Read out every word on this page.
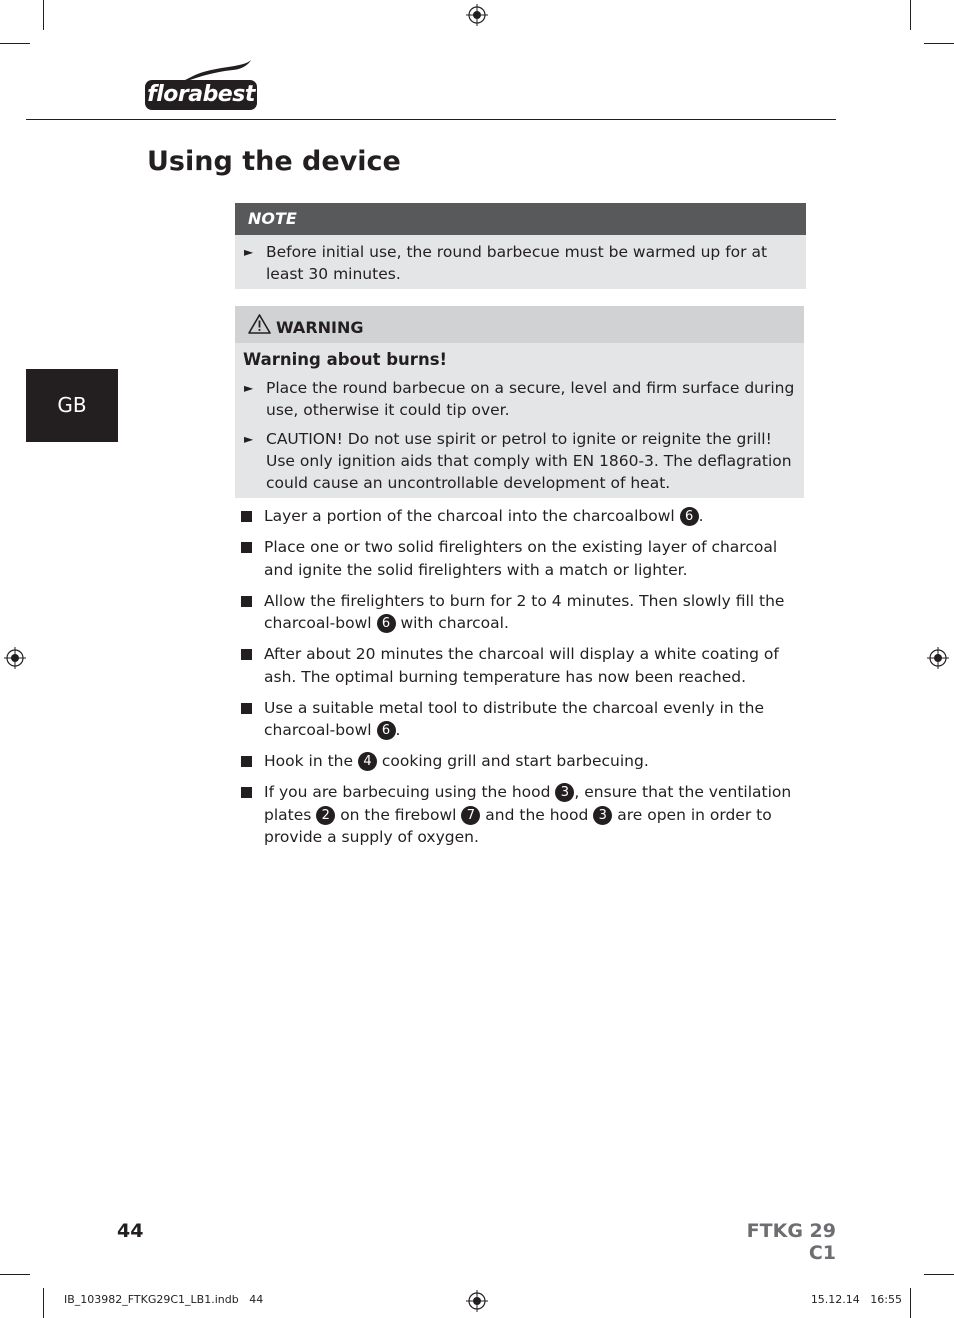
florabest
Using the device
GB
NOTE
► Before initial use, the round barbecue must be warmed up for at least 30 minutes.
WARNING
Warning about burns!
► Place the round barbecue on a secure, level and firm surface during use, otherwise it could tip over.
► CAUTION! Do not use spirit or petrol to ignite or reignite the grill! Use only ignition aids that comply with EN 1860-3. The deflagration could cause an uncontrollable development of heat.
Layer a portion of the charcoal into the charcoalbowl 6 .
Place one or two solid firelighters on the existing layer of charcoal and ignite the solid firelighters with a match or lighter.
Allow the firelighters to burn for 2 to 4 minutes. Then slowly fill the charcoal-bowl 6 with charcoal.
After about 20 minutes the charcoal will display a white coating of ash. The optimal burning temperature has now been reached.
Use a suitable metal tool to distribute the charcoal evenly in the charcoal-bowl 6 .
Hook in the 4 cooking grill and start barbecuing.
If you are barbecuing using the hood 3 , ensure that the ventilation plates 2 on the firebowl 7 and the hood 3 are open in order to provide a supply of oxygen.
44	FTKG 29 C1
IB_103982_FTKG29C1_LB1.indb   44	15.12.14   16:55
